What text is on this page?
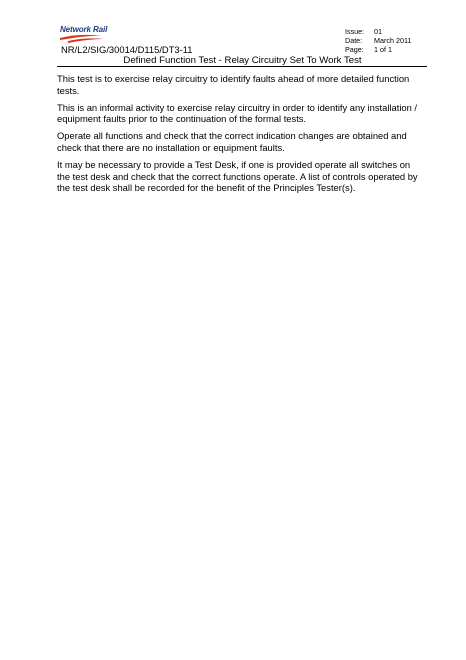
Network Rail	Issue:	01
Date:	March 2011
Page:	1 of 1
NR/L2/SIG/30014/D115/DT3-11
Defined Function Test - Relay Circuitry Set To Work Test

This test is to exercise relay circuitry to identify faults ahead of more detailed function tests.

This is an informal activity to exercise relay circuitry in order to identify any installation / equipment faults prior to the continuation of the formal tests.

Operate all functions and check that the correct indication changes are obtained and check that there are no installation or equipment faults.

It may be necessary to provide a Test Desk, if one is provided operate all switches on the test desk and check that the correct functions operate. A list of controls operated by the test desk shall be recorded for the benefit of the Principles Tester(s).
